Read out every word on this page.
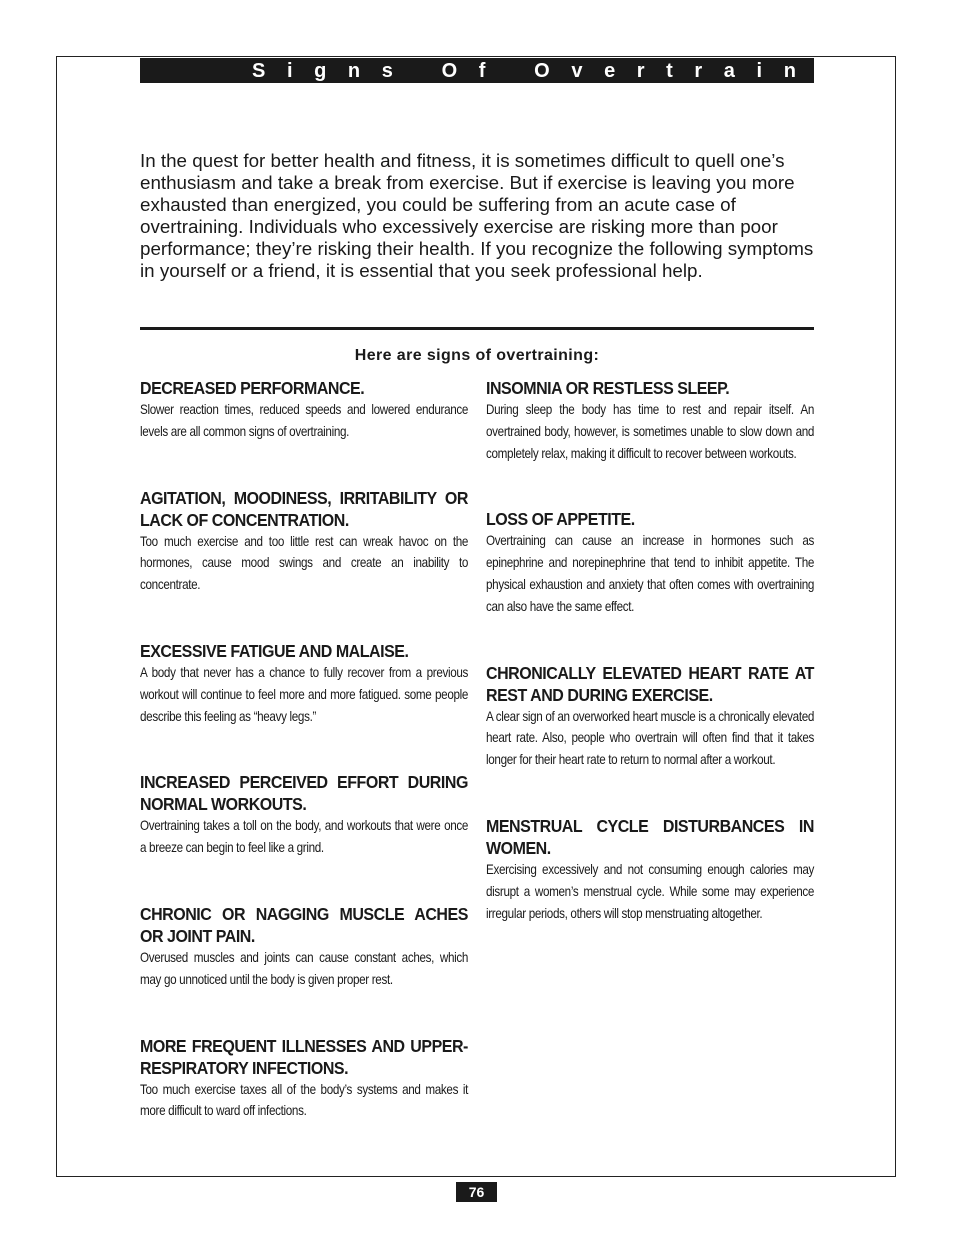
Signs Of Overtraining

In the quest for better health and fitness, it is sometimes difficult to quell one’s enthusiasm and take a break from exercise. But if exercise is leaving you more exhausted than energized, you could be suffering from an acute case of overtraining. Individuals who excessively exercise are risking more than poor performance; they’re risking their health. If you recognize the following symptoms in yourself or a friend, it is essential that you seek professional help.

Here are signs of overtraining:
DECREASED PERFORMANCE.

Slower reaction times, reduced speeds and lowered endurance levels are all common signs of overtraining.

AGITATION, MOODINESS, IRRITABILITY OR LACK OF CONCENTRATION.

Too much exercise and too little rest can wreak havoc on the hormones, cause mood swings and create an inability to concentrate.

EXCESSIVE FATIGUE AND MALAISE.

A body that never has a chance to fully recover from a previous workout will continue to feel more and more fatigued. some people describe this feeling as “heavy legs.”

INCREASED PERCEIVED EFFORT DURING NORMAL WORKOUTS.

Overtraining takes a toll on the body, and workouts that were once a breeze can begin to feel like a grind.

CHRONIC OR NAGGING MUSCLE ACHES OR JOINT PAIN.

Overused muscles and joints can cause constant aches, which may go unnoticed until the body is given proper rest.

MORE FREQUENT ILLNESSES AND UPPER-RESPIRATORY INFECTIONS.

Too much exercise taxes all of the body’s systems and makes it more difficult to ward off infections.

INSOMNIA OR RESTLESS SLEEP.

During sleep the body has time to rest and repair itself. An overtrained body, however, is sometimes unable to slow down and completely relax, making it difficult to recover between workouts.

LOSS OF APPETITE.

Overtraining can cause an increase in hormones such as epinephrine and norepinephrine that tend to inhibit appetite. The physical exhaustion and anxiety that often comes with overtraining can also have the same effect.

CHRONICALLY ELEVATED HEART RATE AT REST AND DURING EXERCISE.

A clear sign of an overworked heart muscle is a chronically elevated heart rate. Also, people who overtrain will often find that it takes longer for their heart rate to return to normal after a workout.

MENSTRUAL CYCLE DISTURBANCES IN WOMEN.

Exercising excessively and not consuming enough calories may disrupt a women’s menstrual cycle. While some may experience irregular periods, others will stop menstruating altogether.

76
